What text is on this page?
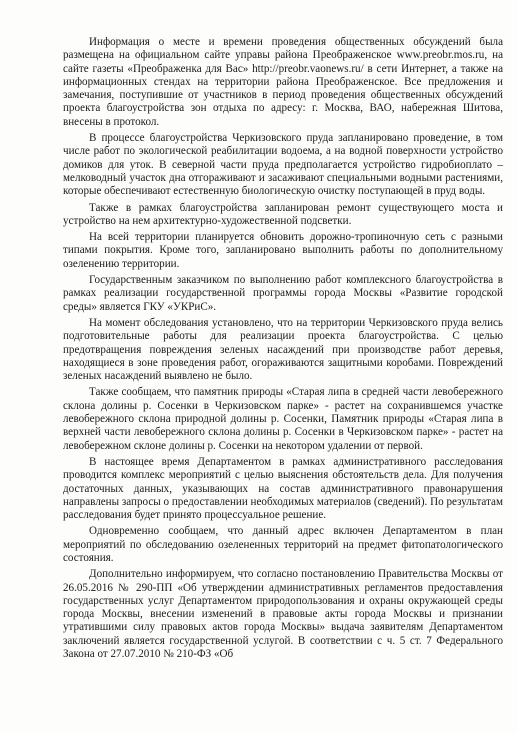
Информация о месте и времени проведения общественных обсуждений была размещена на официальном сайте управы района Преображенское www.preobr.mos.ru, на сайте газеты «Преображенка для Вас» http://preobr.vaonews.ru/ в сети Интернет, а также на информационных стендах на территории района Преображенское. Все предложения и замечания, поступившие от участников в период проведения общественных обсуждений проекта благоустройства зон отдыха по адресу: г. Москва, ВАО, набережная Шитова, внесены в протокол.

В процессе благоустройства Черкизовского пруда запланировано проведение, в том числе работ по экологической реабилитации водоема, а на водной поверхности устройство домиков для уток. В северной части пруда предполагается устройство гидробиоплато – мелководный участок дна отгораживают и засаживают специальными водными растениями, которые обеспечивают естественную биологическую очистку поступающей в пруд воды.

Также в рамках благоустройства запланирован ремонт существующего моста и устройство на нем архитектурно-художественной подсветки.

На всей территории планируется обновить дорожно-тропиночную сеть с разными типами покрытия. Кроме того, запланировано выполнить работы по дополнительному озеленению территории.

Государственным заказчиком по выполнению работ комплексного благоустройства в рамках реализации государственной программы города Москвы «Развитие городской среды» является ГКУ «УКРиС».

На момент обследования установлено, что на территории Черкизовского пруда велись подготовительные работы для реализации проекта благоустройства. С целью предотвращения повреждения зеленых насаждений при производстве работ деревья, находящиеся в зоне проведения работ, огораживаются защитными коробами. Повреждений зеленых насаждений выявлено не было.

Также сообщаем, что памятник природы «Старая липа в средней части левобережного склона долины р. Сосенки в Черкизовском парке» - растет на сохранившемся участке левобережного склона природной долины р. Сосенки, Памятник природы «Старая липа в верхней части левобережного склона долины р. Сосенки в Черкизовском парке» - растет на левобережном склоне долины р. Сосенки на некотором удалении от первой.

В настоящее время Департаментом в рамках административного расследования проводится комплекс мероприятий с целью выяснения обстоятельств дела. Для получения достаточных данных, указывающих на состав административного правонарушения направлены запросы о предоставлении необходимых материалов (сведений). По результатам расследования будет принято процессуальное решение.

Одновременно сообщаем, что данный адрес включен Департаментом в план мероприятий по обследованию озелененных территорий на предмет фитопатологического состояния.

Дополнительно информируем, что согласно постановлению Правительства Москвы от 26.05.2016 № 290-ПП «Об утверждении административных регламентов предоставления государственных услуг Департаментом природопользования и охраны окружающей среды города Москвы, внесении изменений в правовые акты города Москвы и признании утратившими силу правовых актов города Москвы» выдача заявителям Департаментом заключений является государственной услугой. В соответствии с ч. 5 ст. 7 Федерального Закона от 27.07.2010 № 210-ФЗ «Об
